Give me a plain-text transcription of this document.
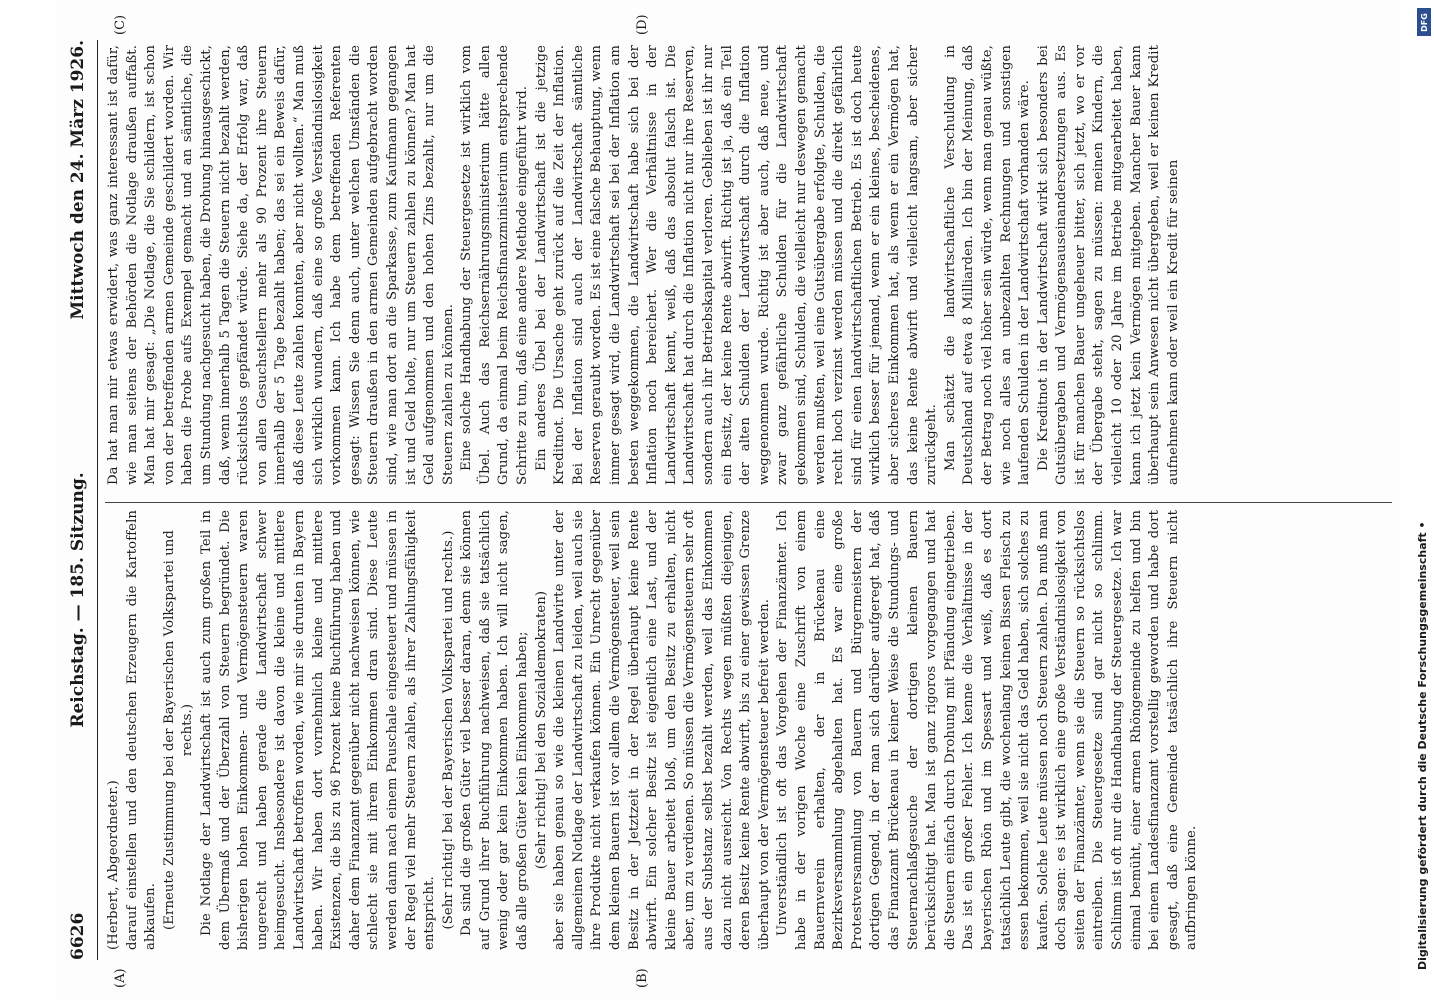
6626
Reichstag. — 185. Sitzung.
Mittwoch den 24. März 1926.
(A)	(B)
(C)	(D)

(Herbert, Abgeordneter.) darauf einstellen und den deutschen Erzeugern die Kartoffeln abkaufen. (Erneute Zustimmung bei der Bayerischen Volkspartei und rechts.) Die Notlage der Landwirtschaft ist auch zum großen Teil in dem Übermaß und der Überzahl von Steuern begründet. Die bisherigen hohen Einkommen- und Vermögensteuern waren ungerecht und haben gerade die Landwirtschaft schwer heimgesucht. Insbesondere ist davon die kleine und mittlere Landwirtschaft betroffen worden, wie mir sie drunten in Bayern haben. Wir haben dort vornehmlich kleine und mittlere Existenzen, die bis zu 96 Prozent keine Buchführung haben und daher dem Finanzamt gegenüber nicht nachweisen können, wie schlecht sie mit ihrem Einkommen dran sind. Diese Leute werden dann nach einem Pauschale eingesteuert und müssen in der Regel viel mehr Steuern zahlen, als ihrer Zahlungsfähigkeit entspricht. (Sehr richtig! bei der Bayerischen Volkspartei und rechts.) Da sind die großen Güter viel besser daran, denn sie können auf Grund ihrer Buchführung nachweisen, daß sie tatsächlich wenig oder gar kein Einkommen haben. Ich will nicht sagen, daß alle großen Güter kein Einkommen haben; (Sehr richtig! bei den Sozialdemokraten) aber sie haben genau so wie die kleinen Landwirte unter der allgemeinen Notlage der Landwirtschaft zu leiden, weil auch sie ihre Produkte nicht verkaufen können. Ein Unrecht gegenüber dem kleinen Bauern ist vor allem die Vermögensteuer, weil sein Besitz in der Jetztzeit in der Regel überhaupt keine Rente abwirft. Ein solcher Besitz ist eigentlich eine Last, und der kleine Bauer arbeitet bloß, um den Besitz zu erhalten, nicht aber, um zu verdienen. So müssen die Vermögensteuern sehr oft aus der Substanz selbst bezahlt werden, weil das Einkommen dazu nicht ausreicht. Von Rechts wegen müßten diejenigen, deren Besitz keine Rente abwirft, bis zu einer gewissen Grenze überhaupt von der Vermögensteuer befreit werden. Unverständlich ist oft das Vorgehen der Finanzämter. Ich habe in der vorigen Woche eine Zuschrift von einem Bauernverein erhalten, der in Brückenau eine Bezirksversammlung abgehalten hat. Es war eine große Protestversammlung von Bauern und Bürgermeistern der dortigen Gegend, in der man sich darüber aufgeregt hat, daß das Finanzamt Brückenau in keiner Weise die Stundungs- und Steuernachlaßgesuche der dortigen kleinen Bauern berücksichtigt hat. Man ist ganz rigoros vorgegangen und hat die Steuern einfach durch Drohung mit Pfändung eingetrieben. Das ist ein großer Fehler. Ich kenne die Verhältnisse in der bayerischen Rhön und im Spessart und weiß, daß es dort tatsächlich Leute gibt, die wochenlang keinen Bissen Fleisch zu essen bekommen, weil sie nicht das Geld haben, sich solches zu kaufen. Solche Leute müssen noch Steuern zahlen. Da muß man doch sagen: es ist wirklich eine große Verständnislosigkeit von seiten der Finanzämter, wenn sie die Steuern so rücksichtslos eintreiben. Die Steuergesetze sind gar nicht so schlimm. Schlimm ist oft nur die Handhabung der Steuergesetze. Ich war einmal bemüht, einer armen Rhöngemeinde zu helfen und bin bei einem Landesfinanzamt vorstellig geworden und habe dort gesagt, daß eine Gemeinde tatsächlich ihre Steuern nicht aufbringen könne.

Da hat man mir etwas erwidert, was ganz interessant ist dafür, wie man seitens der Behörden die Notlage draußen auffaßt. Man hat mir gesagt: „Die Notlage, die Sie schildern, ist schon von der betreffenden armen Gemeinde geschildert worden. Wir haben die Probe aufs Exempel gemacht und an sämtliche, die um Stundung nachgesucht haben, die Drohung hinausgeschickt, daß, wenn innerhalb 5 Tagen die Steuern nicht bezahlt werden, rücksichtslos gepfändet würde. Siehe da, der Erfolg war, daß von allen Gesuchstellern mehr als 90 Prozent ihre Steuern innerhalb der 5 Tage bezahlt haben; das sei ein Beweis dafür, daß diese Leute zahlen konnten, aber nicht wollten.“ Man muß sich wirklich wundern, daß eine so große Verständnislosigkeit vorkommen kann. Ich habe dem betreffenden Referenten gesagt: Wissen Sie denn auch, unter welchen Umständen die Steuern draußen in den armen Gemeinden aufgebracht worden sind, wie man dort an die Sparkasse, zum Kaufmann gegangen ist und Geld holte, nur um Steuern zahlen zu können? Man hat Geld aufgenommen und den hohen Zins bezahlt, nur um die Steuern zahlen zu können. Eine solche Handhabung der Steuergesetze ist wirklich vom Übel. Auch das Reichsernährungsministerium hätte allen Grund, da einmal beim Reichsfinanzministerium entsprechende Schritte zu tun, daß eine andere Methode eingeführt wird. Ein anderes Übel bei der Landwirtschaft ist die jetzige Kreditnot. Die Ursache geht zurück auf die Zeit der Inflation. Bei der Inflation sind auch der Landwirtschaft sämtliche Reserven geraubt worden. Es ist eine falsche Behauptung, wenn immer gesagt wird, die Landwirtschaft sei bei der Inflation am besten weggekommen, die Landwirtschaft habe sich bei der Inflation noch bereichert. Wer die Verhältnisse in der Landwirtschaft kennt, weiß, daß das absolut falsch ist. Die Landwirtschaft hat durch die Inflation nicht nur ihre Reserven, sondern auch ihr Betriebskapital verloren. Geblieben ist ihr nur ein Besitz, der keine Rente abwirft. Richtig ist ja, daß ein Teil der alten Schulden der Landwirtschaft durch die Inflation weggenommen wurde. Richtig ist aber auch, daß neue, und zwar ganz gefährliche Schulden für die Landwirtschaft gekommen sind, Schulden, die vielleicht nur deswegen gemacht werden mußten, weil eine Gutsübergabe erfolgte, Schulden, die recht hoch verzinst werden müssen und die direkt gefährlich sind für einen landwirtschaftlichen Betrieb. Es ist doch heute wirklich besser für jemand, wenn er ein kleines, bescheidenes, aber sicheres Einkommen hat, als wenn er ein Vermögen hat, das keine Rente abwirft und vielleicht langsam, aber sicher zurückgeht. Man schätzt die landwirtschaftliche Verschuldung in Deutschland auf etwa 8 Milliarden. Ich bin der Meinung, daß der Betrag noch viel höher sein würde, wenn man genau wüßte, wie noch alles an unbezahlten Rechnungen und sonstigen laufenden Schulden in der Landwirtschaft vorhanden wäre. Die Kreditnot in der Landwirtschaft wirkt sich besonders bei Gutsübergaben und Vermögensauseinandersetzungen aus. Es ist für manchen Bauer ungeheuer bitter, sich jetzt, wo er vor der Übergabe steht, sagen zu müssen: meinen Kindern, die vielleicht 10 oder 20 Jahre im Betriebe mitgearbeitet haben, kann ich jetzt kein Vermögen mitgeben. Mancher Bauer kann überhaupt sein Anwesen nicht übergeben, weil er keinen Kredit aufnehmen kann oder weil ein Kredit für seinen

Digitalisierung gefördert durch die Deutsche Forschungsgemeinschaft •
DFG
